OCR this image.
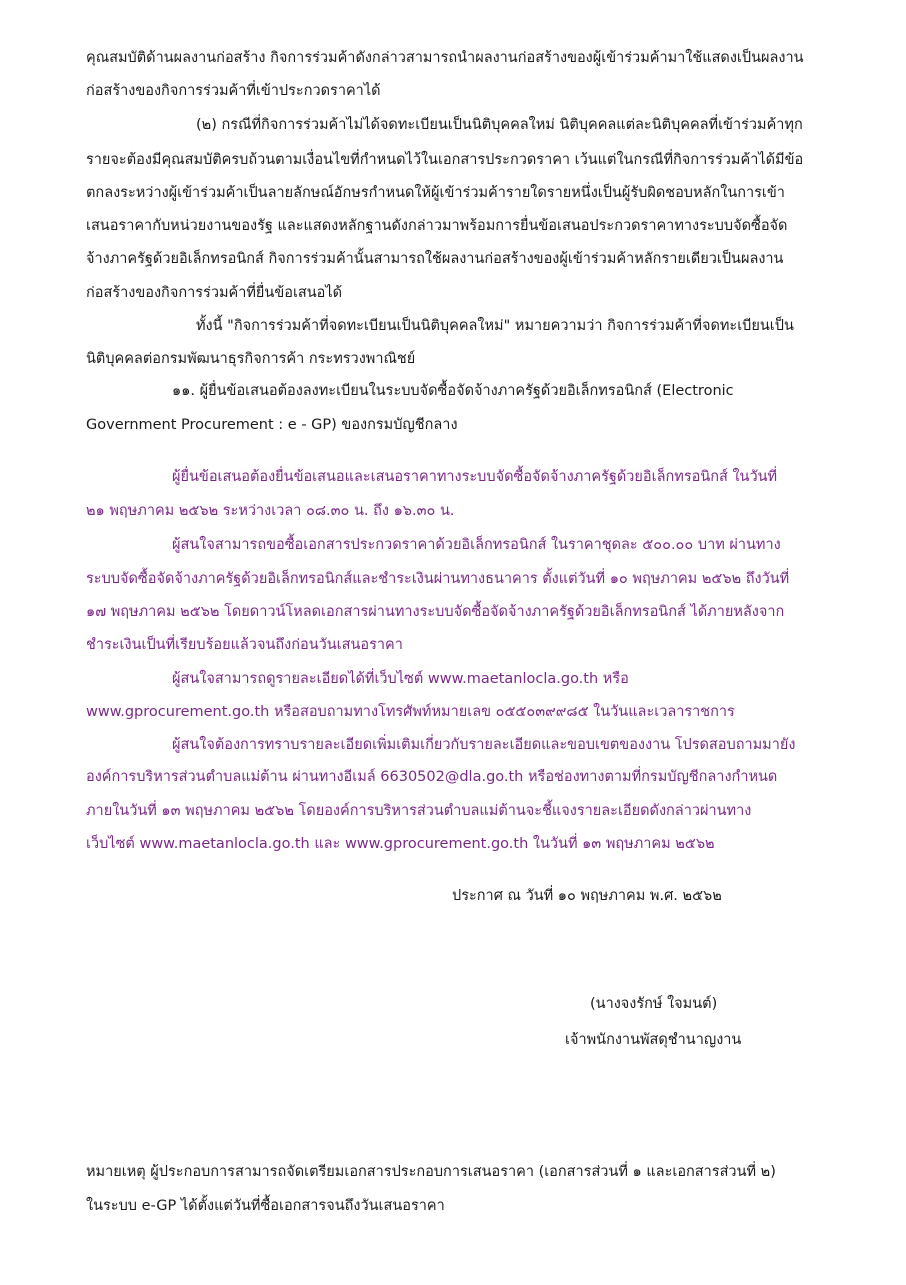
คุณสมบัติด้านผลงานก่อสร้าง กิจการร่วมค้าดังกล่าวสามารถนำผลงานก่อสร้างของผู้เข้าร่วมค้ามาใช้แสดงเป็นผลงาน
ก่อสร้างของกิจการร่วมค้าที่เข้าประกวดราคาได้
(๒) กรณีที่กิจการร่วมค้าไม่ได้จดทะเบียนเป็นนิติบุคคลใหม่ นิติบุคคลแต่ละนิติบุคคลที่เข้าร่วมค้าทุก
รายจะต้องมีคุณสมบัติครบถ้วนตามเงื่อนไขที่กำหนดไว้ในเอกสารประกวดราคา เว้นแต่ในกรณีที่กิจการร่วมค้าได้มีข้อ
ตกลงระหว่างผู้เข้าร่วมค้าเป็นลายลักษณ์อักษรกำหนดให้ผู้เข้าร่วมค้ารายใดรายหนึ่งเป็นผู้รับผิดชอบหลักในการเข้า
เสนอราคากับหน่วยงานของรัฐ และแสดงหลักฐานดังกล่าวมาพร้อมการยื่นข้อเสนอประกวดราคาทางระบบจัดซื้อจัด
จ้างภาครัฐด้วยอิเล็กทรอนิกส์ กิจการร่วมค้านั้นสามารถใช้ผลงานก่อสร้างของผู้เข้าร่วมค้าหลักรายเดียวเป็นผลงาน
ก่อสร้างของกิจการร่วมค้าที่ยื่นข้อเสนอได้
ทั้งนี้ "กิจการร่วมค้าที่จดทะเบียนเป็นนิติบุคคลใหม่" หมายความว่า กิจการร่วมค้าที่จดทะเบียนเป็น
นิติบุคคลต่อกรมพัฒนาธุรกิจการค้า กระทรวงพาณิชย์
๑๑. ผู้ยื่นข้อเสนอต้องลงทะเบียนในระบบจัดซื้อจัดจ้างภาครัฐด้วยอิเล็กทรอนิกส์ (Electronic
Government Procurement : e - GP) ของกรมบัญชีกลาง
ผู้ยื่นข้อเสนอต้องยื่นข้อเสนอและเสนอราคาทางระบบจัดซื้อจัดจ้างภาครัฐด้วยอิเล็กทรอนิกส์ ในวันที่
๒๑ พฤษภาคม ๒๕๖๒ ระหว่างเวลา ๐๘.๓๐ น. ถึง ๑๖.๓๐ น.
ผู้สนใจสามารถขอซื้อเอกสารประกวดราคาด้วยอิเล็กทรอนิกส์ ในราคาชุดละ ๕๐๐.๐๐ บาท ผ่านทาง
ระบบจัดซื้อจัดจ้างภาครัฐด้วยอิเล็กทรอนิกส์และชำระเงินผ่านทางธนาคาร ตั้งแต่วันที่ ๑๐ พฤษภาคม ๒๕๖๒ ถึงวันที่
๑๗ พฤษภาคม ๒๕๖๒ โดยดาวน์โหลดเอกสารผ่านทางระบบจัดซื้อจัดจ้างภาครัฐด้วยอิเล็กทรอนิกส์ ได้ภายหลังจาก
ชำระเงินเป็นที่เรียบร้อยแล้วจนถึงก่อนวันเสนอราคา
ผู้สนใจสามารถดูรายละเอียดได้ที่เว็บไซต์ www.maetanlocla.go.th หรือ
www.gprocurement.go.th หรือสอบถามทางโทรศัพท์หมายเลข ๐๕๕๐๓๙๙๘๕ ในวันและเวลาราชการ
ผู้สนใจต้องการทราบรายละเอียดเพิ่มเติมเกี่ยวกับรายละเอียดและขอบเขตของงาน โปรดสอบถามมายัง
องค์การบริหารส่วนตำบลแม่ต้าน ผ่านทางอีเมล์ 6630502@dla.go.th หรือช่องทางตามที่กรมบัญชีกลางกำหนด
ภายในวันที่ ๑๓ พฤษภาคม ๒๕๖๒ โดยองค์การบริหารส่วนตำบลแม่ต้านจะชี้แจงรายละเอียดดังกล่าวผ่านทาง
เว็บไซต์ www.maetanlocla.go.th และ www.gprocurement.go.th ในวันที่ ๑๓ พฤษภาคม ๒๕๖๒
ประกาศ ณ วันที่ ๑๐ พฤษภาคม พ.ศ. ๒๕๖๒
(นางจงรักษ์ ใจมนต์)
เจ้าพนักงานพัสดุชำนาญงาน
หมายเหตุ ผู้ประกอบการสามารถจัดเตรียมเอกสารประกอบการเสนอราคา (เอกสารส่วนที่ ๑ และเอกสารส่วนที่ ๒)
ในระบบ e-GP ได้ตั้งแต่วันที่ซื้อเอกสารจนถึงวันเสนอราคา
